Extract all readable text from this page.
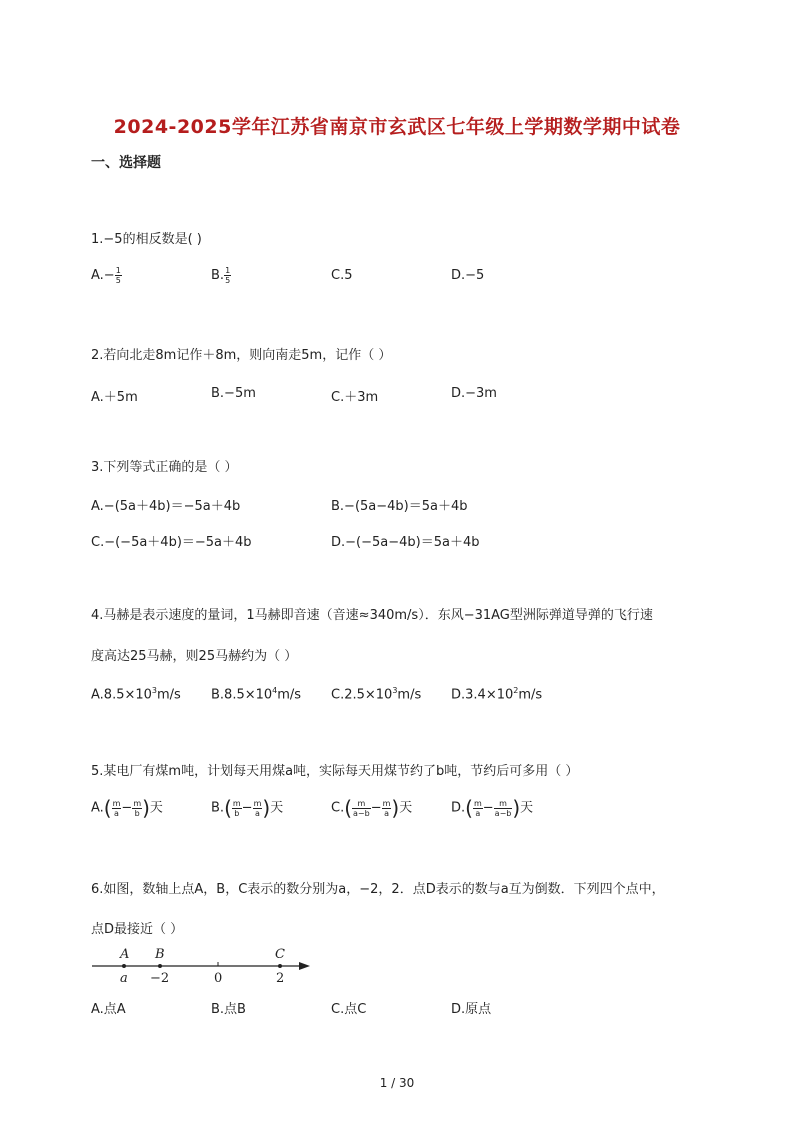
2024-2025学年江苏省南京市玄武区七年级上学期数学期中试卷
一、选择题
1.−5的相反数是( )
$A.- \frac{1}{5}$	B. $\frac{1}{5}$	C.5	D.−5
2.若向北走8m记作＋8m，则向南走5m，记作（ ）
A.＋5m	B.−5m	C.＋3m	D.−3m
3.下列等式正确的是（ ）
A.−(5a＋4b)＝−5a＋4b	B.−(5a−4b)＝5a＋4b
C.−(−5a＋4b)＝−5a＋4b	D.−(−5a−4b)＝5a＋4b
4.马赫是表示速度的量词，1马赫即音速（音速≈340m/s）．东风−31AG型洲际弹道导弹的飞行速
度高达25马赫，则25马赫约为（ ）
$A.8.5\times 10^3m/s$ $B.8.5\times 10^4m/s$ $C.2.5\times 10^3m/s$ $D.3.4\times 10^2m/s$
5.某电厂有煤m吨，计划每天用煤a吨，实际每天用煤节约了b吨，节约后可多用（ ）
$A.( \frac{m}{a} - \frac{m}{b}$ )天	$B.( \frac{m}{b} - \frac{m}{a}$ )天	$C.( \frac{m}{a-b} - \frac{m}{a}$ )天	$D.( \frac{m}{a} - \frac{m}{a-b}$ )天
6.如图，数轴上点A，B，C表示的数分别为a，−2，2．点D表示的数与a互为倒数．下列四个点中，
点D最接近（ ）
A B	C
a −2	0	2
A.点A	B.点B	C.点C	D.原点
1 / 30
